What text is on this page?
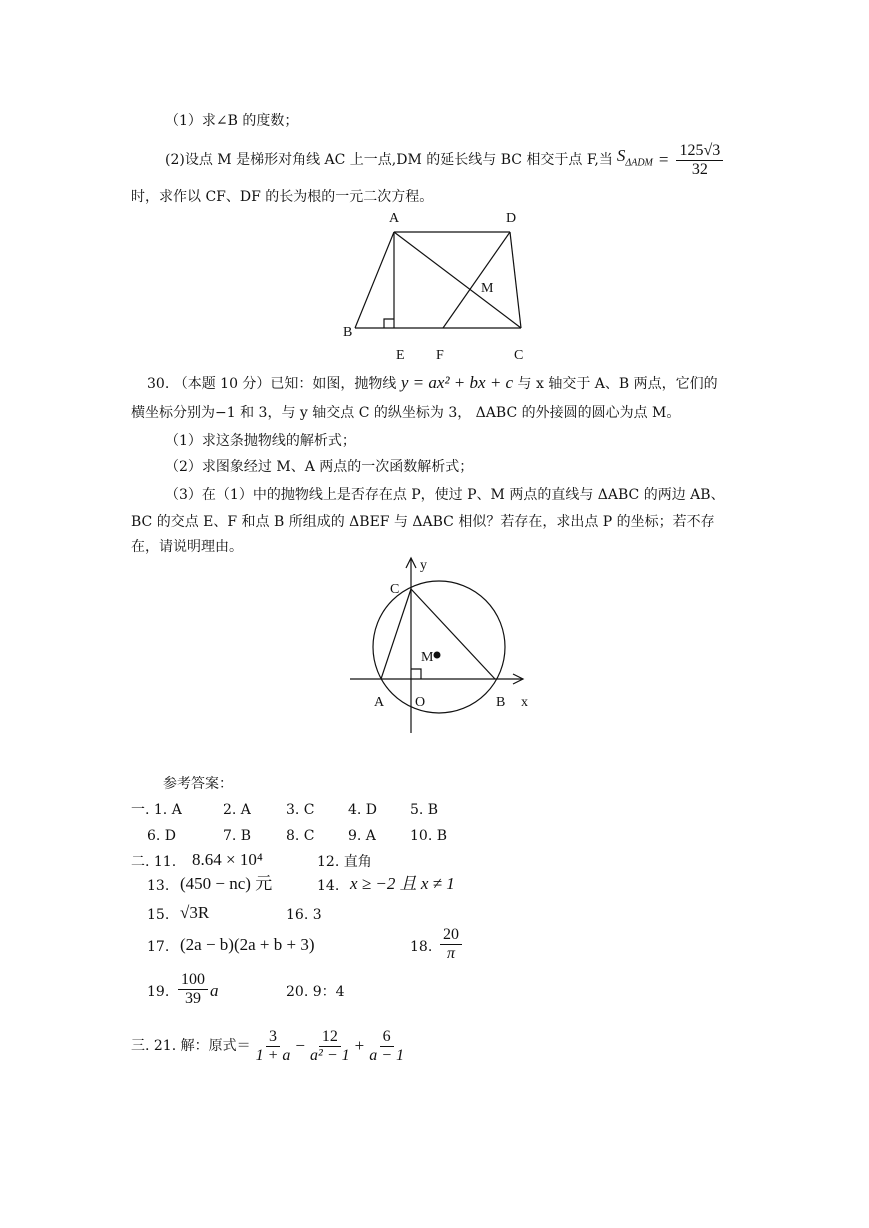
（1）求∠B 的度数；
(2)设点 M 是梯形对角线 AC 上一点,DM 的延长线与 BC 相交于点 F,当 $S_{\Delta ADM} = \frac{125√3}{32}$
时，求作以 CF、DF 的长为根的一元二次方程。
A	D
M
B
E F	C
30. （本题 10 分）已知：如图，抛物线 y = ax² + bx + c 与 x 轴交于 A、B 两点，它们的
横坐标分别为−1 和 3，与 y 轴交点 C 的纵坐标为 3， ΔABC 的外接圆的圆心为点 M。
（1）求这条抛物线的解析式；
（2）求图象经过 M、A 两点的一次函数解析式；
（3）在（1）中的抛物线上是否存在点 P，使过 P、M 两点的直线与 ΔABC 的两边 AB、
BC 的交点 E、F 和点 B 所组成的 ΔBEF 与 ΔABC 相似？若存在，求出点 P 的坐标；若不存
在，请说明理由。
y
C
M
A O	B x
参考答案：
一. 1. A	2. A	3. C 4. D 5. B
6. D	7. B 8. C 9. A 10. B
二. 11. 8.64 × 10⁴	12. 直角
13. (450 − nc) 元	14. x ≥ −2 且 x ≠ 1
15. √3R	16. 3
17. (2a − b)(2a + b + 3)	18. $\frac{20}{\pi}$
19. $\frac{100}{39}$ a	20. 9：4
三. 21. 解：原式＝ $\frac{3}{1 + a} - \frac{12}{\text{a² − 1}} + \frac{6}{a - 1}$
